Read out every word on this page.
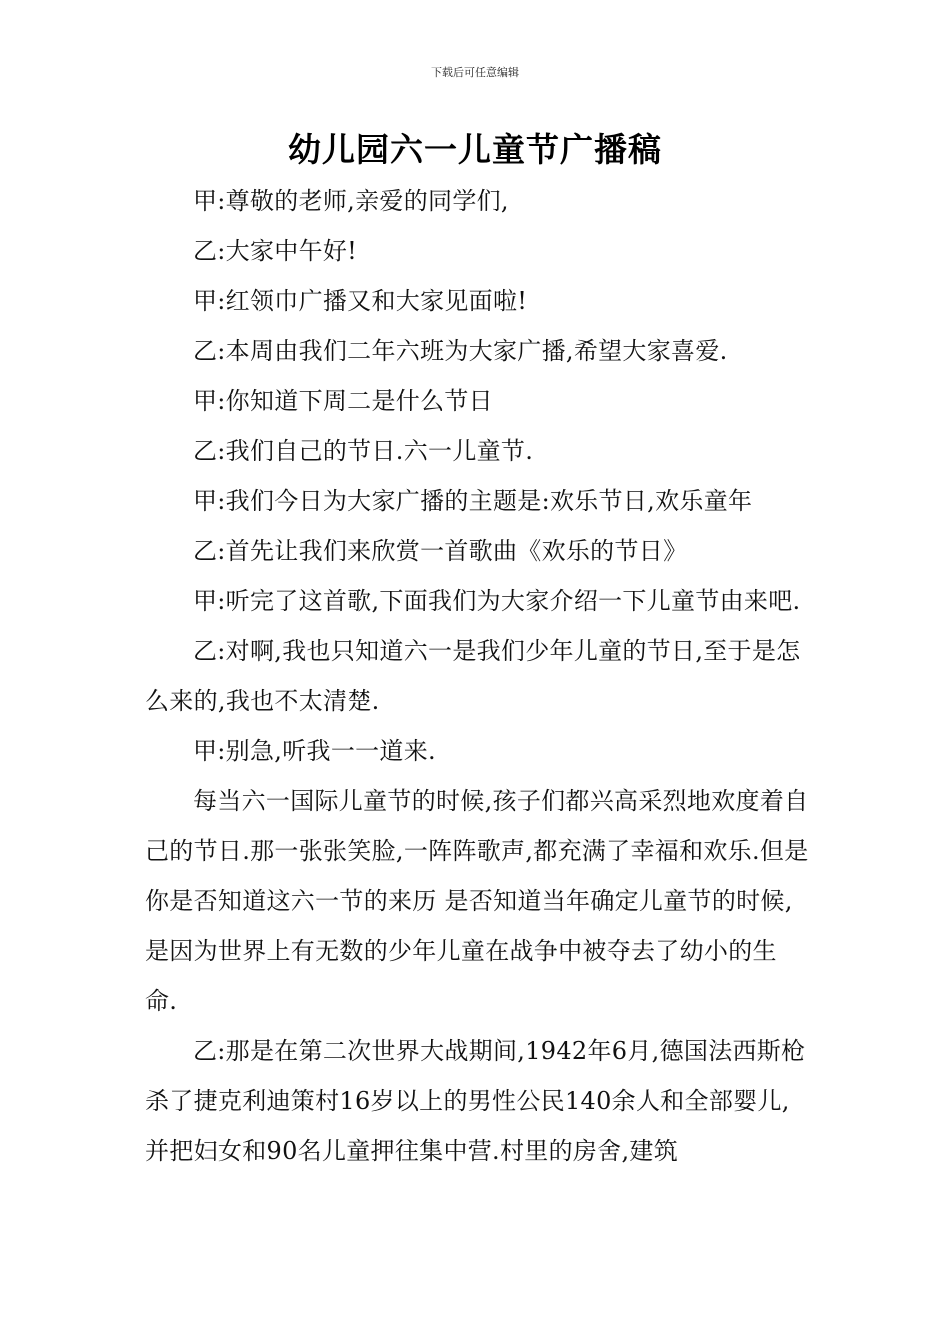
下载后可任意编辑
幼儿园六一儿童节广播稿

甲:尊敬的老师,亲爱的同学们,

乙:大家中午好!

甲:红领巾广播又和大家见面啦!

乙:本周由我们二年六班为大家广播,希望大家喜爱.

甲:你知道下周二是什么节日

乙:我们自己的节日.六一儿童节.

甲:我们今日为大家广播的主题是:欢乐节日,欢乐童年

乙:首先让我们来欣赏一首歌曲《欢乐的节日》

甲:听完了这首歌,下面我们为大家介绍一下儿童节由来吧.

乙:对啊,我也只知道六一是我们少年儿童的节日,至于是怎么来的,我也不太清楚.

甲:别急,听我一一道来.

每当六一国际儿童节的时候,孩子们都兴高采烈地欢度着自己的节日.那一张张笑脸,一阵阵歌声,都充满了幸福和欢乐.但是你是否知道这六一节的来历 是否知道当年确定儿童节的时候,是因为世界上有无数的少年儿童在战争中被夺去了幼小的生命.

乙:那是在第二次世界大战期间,1942年6月,德国法西斯枪杀了捷克利迪策村16岁以上的男性公民140余人和全部婴儿,并把妇女和90名儿童押往集中营.村里的房舍,建筑
